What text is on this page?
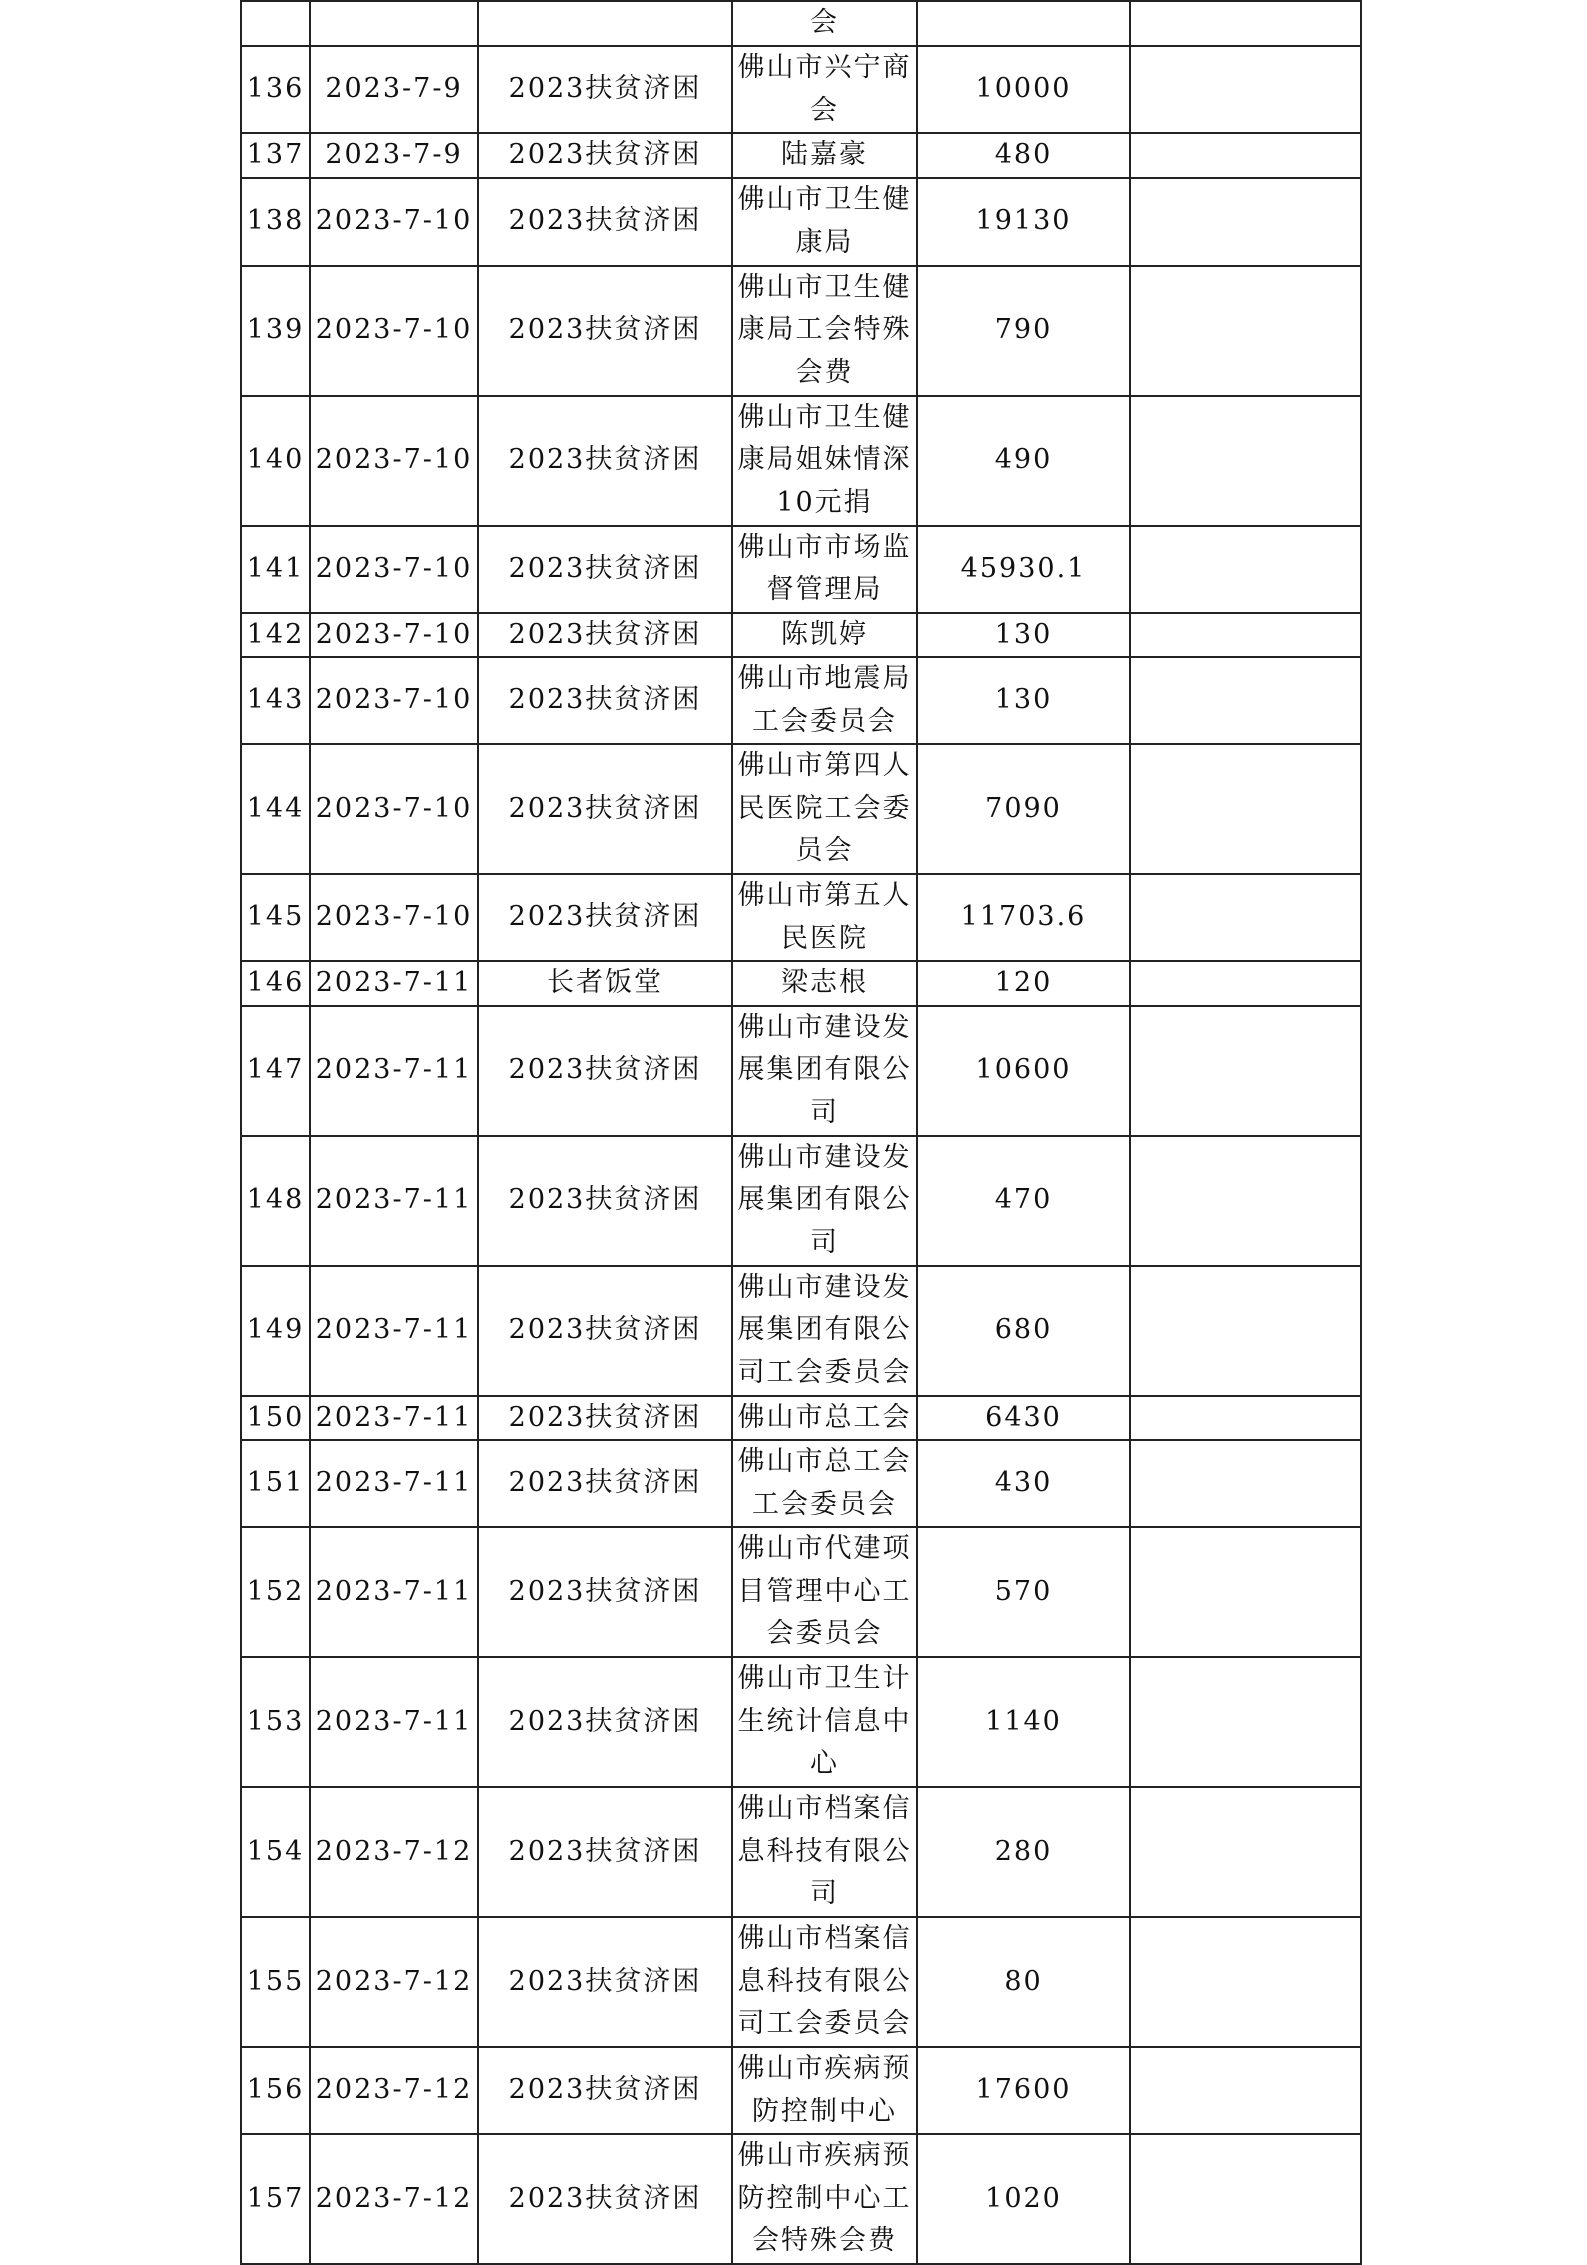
			会		
136	2023-7-9	2023扶贫济困	佛山市兴宁商会	10000	
137	2023-7-9	2023扶贫济困	陆嘉豪	480	
138	2023-7-10	2023扶贫济困	佛山市卫生健康局	19130	
139	2023-7-10	2023扶贫济困	佛山市卫生健康局工会特殊会费	790	
140	2023-7-10	2023扶贫济困	佛山市卫生健康局姐妹情深10元捐	490	
141	2023-7-10	2023扶贫济困	佛山市市场监督管理局	45930.1	
142	2023-7-10	2023扶贫济困	陈凯婷	130	
143	2023-7-10	2023扶贫济困	佛山市地震局工会委员会	130	
144	2023-7-10	2023扶贫济困	佛山市第四人民医院工会委员会	7090	
145	2023-7-10	2023扶贫济困	佛山市第五人民医院	11703.6	
146	2023-7-11	长者饭堂	梁志根	120	
147	2023-7-11	2023扶贫济困	佛山市建设发展集团有限公司	10600	
148	2023-7-11	2023扶贫济困	佛山市建设发展集团有限公司	470	
149	2023-7-11	2023扶贫济困	佛山市建设发展集团有限公司工会委员会	680	
150	2023-7-11	2023扶贫济困	佛山市总工会	6430	
151	2023-7-11	2023扶贫济困	佛山市总工会工会委员会	430	
152	2023-7-11	2023扶贫济困	佛山市代建项目管理中心工会委员会	570	
153	2023-7-11	2023扶贫济困	佛山市卫生计生统计信息中心	1140	
154	2023-7-12	2023扶贫济困	佛山市档案信息科技有限公司	280	
155	2023-7-12	2023扶贫济困	佛山市档案信息科技有限公司工会委员会	80	
156	2023-7-12	2023扶贫济困	佛山市疾病预防控制中心	17600	
157	2023-7-12	2023扶贫济困	佛山市疾病预防控制中心工会特殊会费	1020	
